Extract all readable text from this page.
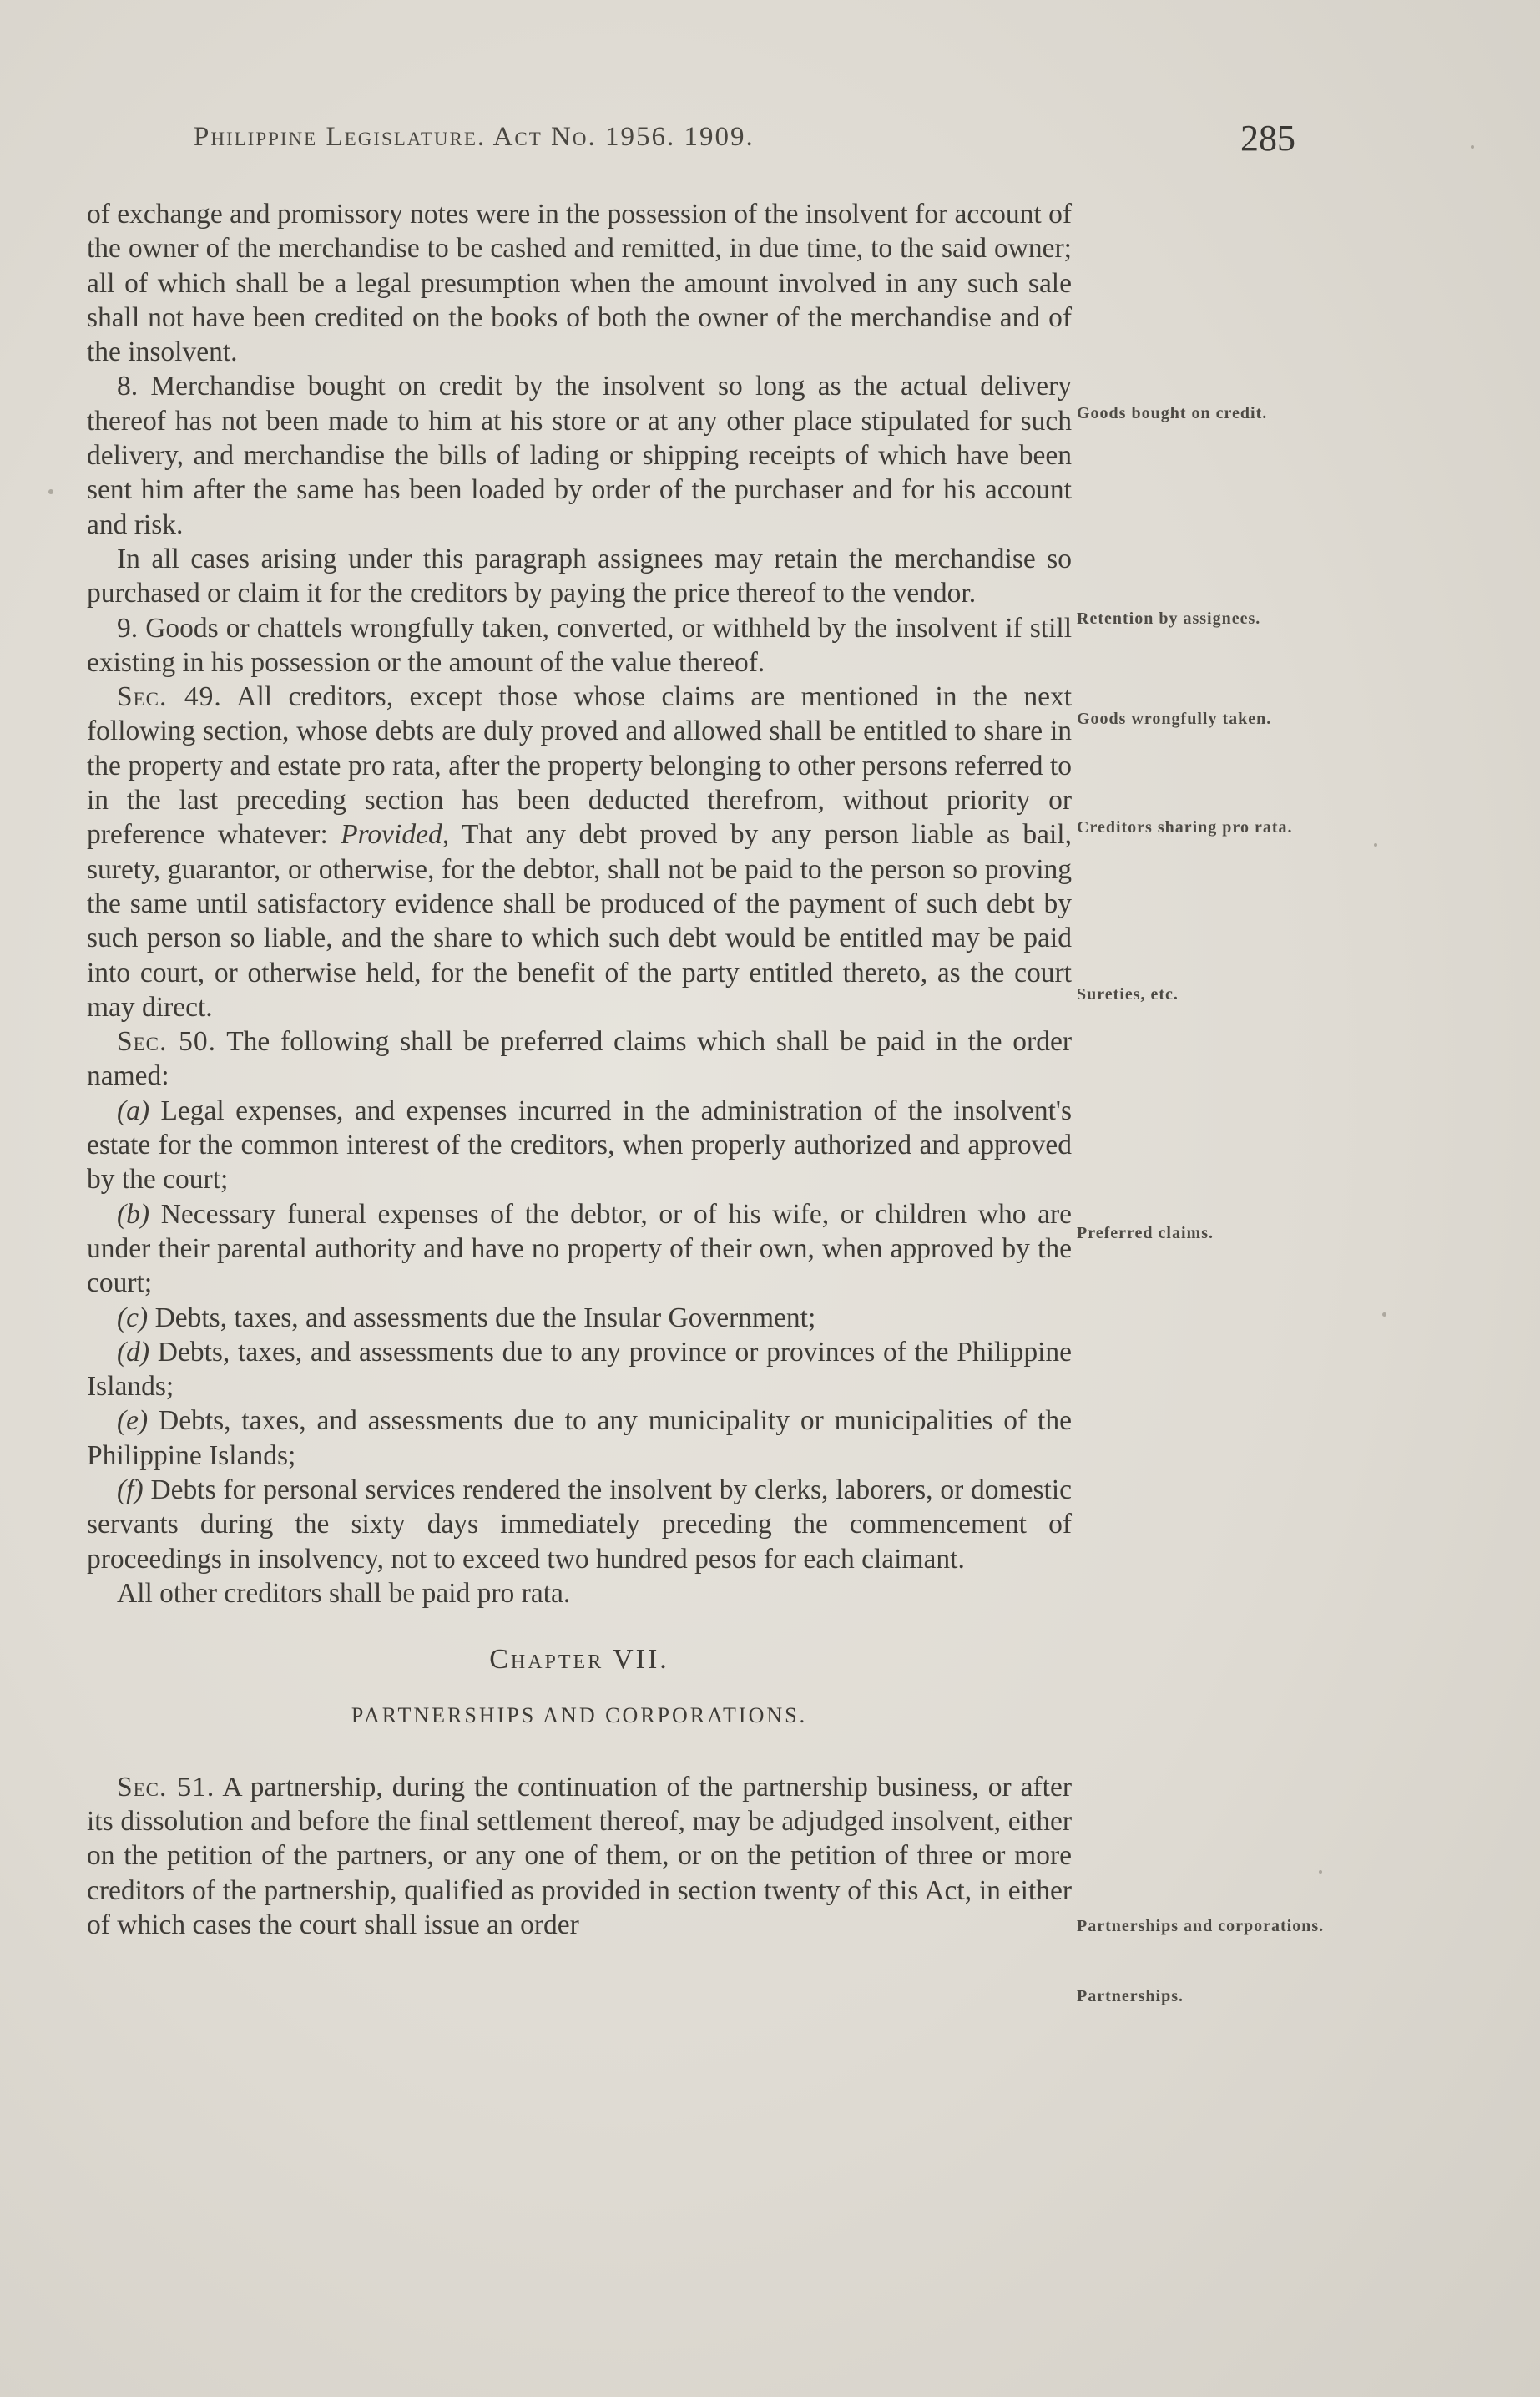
Philippine Legislature. Act No. 1956. 1909.	285

of exchange and promissory notes were in the possession of the insolvent for account of the owner of the merchandise to be cashed and remitted, in due time, to the said owner; all of which shall be a legal presumption when the amount involved in any such sale shall not have been credited on the books of both the owner of the merchandise and of the insolvent.

8. Merchandise bought on credit by the insolvent so long as the actual delivery thereof has not been made to him at his store or at any other place stipulated for such delivery, and merchandise the bills of lading or shipping receipts of which have been sent him after the same has been loaded by order of the purchaser and for his account and risk.

In all cases arising under this paragraph assignees may retain the merchandise so purchased or claim it for the creditors by paying the price thereof to the vendor.

9. Goods or chattels wrongfully taken, converted, or withheld by the insolvent if still existing in his possession or the amount of the value thereof.

Sec. 49. All creditors, except those whose claims are mentioned in the next following section, whose debts are duly proved and allowed shall be entitled to share in the property and estate pro rata, after the property belonging to other persons referred to in the last preceding section has been deducted therefrom, without priority or preference whatever: Provided, That any debt proved by any person liable as bail, surety, guarantor, or otherwise, for the debtor, shall not be paid to the person so proving the same until satisfactory evidence shall be produced of the payment of such debt by such person so liable, and the share to which such debt would be entitled may be paid into court, or otherwise held, for the benefit of the party entitled thereto, as the court may direct.

Sec. 50. The following shall be preferred claims which shall be paid in the order named:

(a) Legal expenses, and expenses incurred in the administration of the insolvent's estate for the common interest of the creditors, when properly authorized and approved by the court;

(b) Necessary funeral expenses of the debtor, or of his wife, or children who are under their parental authority and have no property of their own, when approved by the court;

(c) Debts, taxes, and assessments due the Insular Government;

(d) Debts, taxes, and assessments due to any province or provinces of the Philippine Islands;

(e) Debts, taxes, and assessments due to any municipality or municipalities of the Philippine Islands;

(f) Debts for personal services rendered the insolvent by clerks, laborers, or domestic servants during the sixty days immediately preceding the commencement of proceedings in insolvency, not to exceed two hundred pesos for each claimant.

All other creditors shall be paid pro rata.

Chapter VII.

PARTNERSHIPS AND CORPORATIONS.

Sec. 51. A partnership, during the continuation of the partnership business, or after its dissolution and before the final settlement thereof, may be adjudged insolvent, either on the petition of the partners, or any one of them, or on the petition of three or more creditors of the partnership, qualified as provided in section twenty of this Act, in either of which cases the court shall issue an order

Goods bought on credit.
Retention by assignees.
Goods wrongfully taken.
Creditors sharing pro rata.
Sureties, etc.
Preferred claims.
Partnerships and corporations.
Partnerships.
